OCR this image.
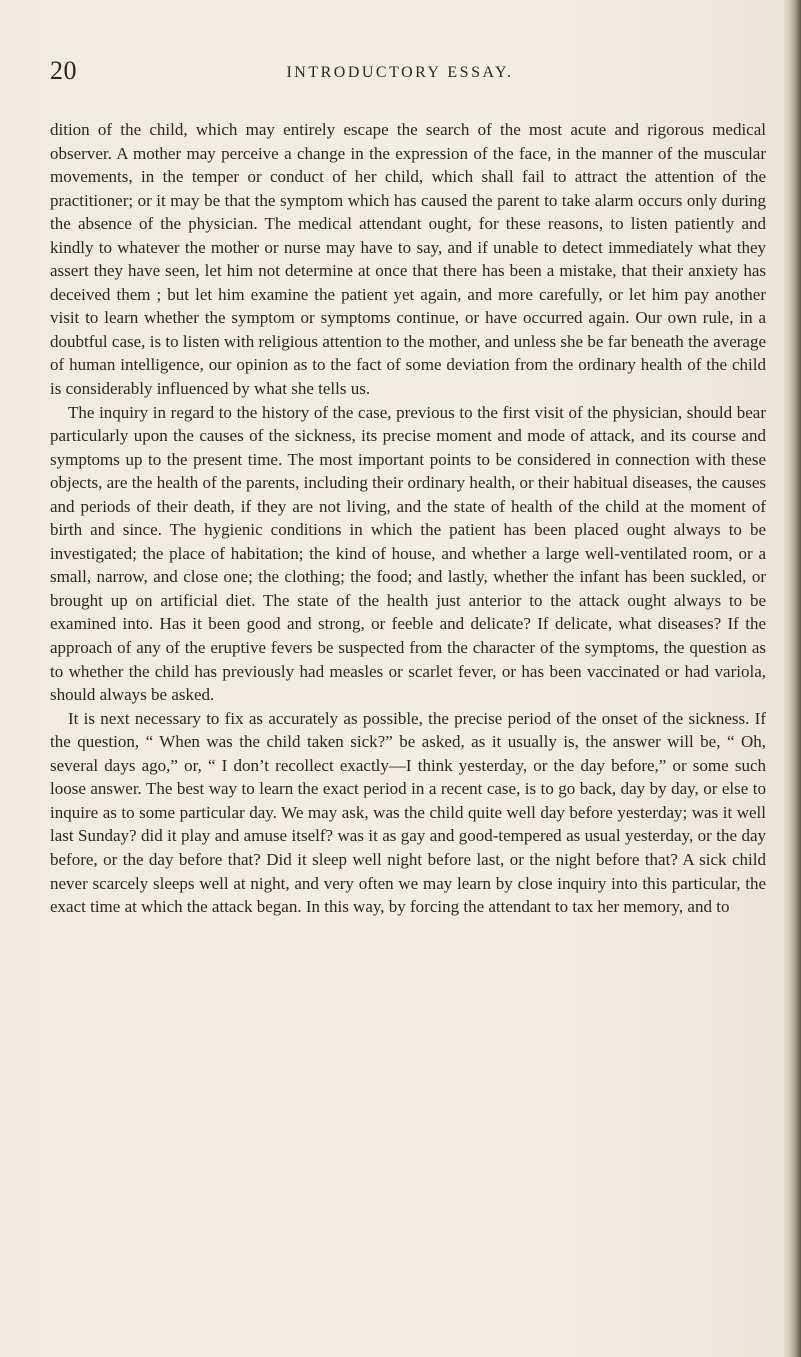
20	INTRODUCTORY ESSAY.

dition of the child, which may entirely escape the search of the most acute and rigorous medical observer. A mother may perceive a change in the expression of the face, in the manner of the muscular movements, in the temper or conduct of her child, which shall fail to attract the attention of the practitioner; or it may be that the symptom which has caused the parent to take alarm occurs only during the absence of the physician. The medical attendant ought, for these reasons, to listen patiently and kindly to whatever the mother or nurse may have to say, and if unable to detect immediately what they assert they have seen, let him not determine at once that there has been a mistake, that their anxiety has deceived them ; but let him examine the patient yet again, and more carefully, or let him pay another visit to learn whether the symptom or symptoms continue, or have occurred again. Our own rule, in a doubtful case, is to listen with religious attention to the mother, and unless she be far beneath the average of human intelligence, our opinion as to the fact of some deviation from the ordinary health of the child is considerably influenced by what she tells us.

The inquiry in regard to the history of the case, previous to the first visit of the physician, should bear particularly upon the causes of the sickness, its precise moment and mode of attack, and its course and symptoms up to the present time. The most important points to be considered in connection with these objects, are the health of the parents, including their ordinary health, or their habitual diseases, the causes and periods of their death, if they are not living, and the state of health of the child at the moment of birth and since. The hygienic conditions in which the patient has been placed ought always to be investigated; the place of habitation; the kind of house, and whether a large well-ventilated room, or a small, narrow, and close one; the clothing; the food; and lastly, whether the infant has been suckled, or brought up on artificial diet. The state of the health just anterior to the attack ought always to be examined into. Has it been good and strong, or feeble and delicate? If delicate, what diseases? If the approach of any of the eruptive fevers be suspected from the character of the symptoms, the question as to whether the child has previously had measles or scarlet fever, or has been vaccinated or had variola, should always be asked.

It is next necessary to fix as accurately as possible, the precise period of the onset of the sickness. If the question, “ When was the child taken sick?” be asked, as it usually is, the answer will be, “ Oh, several days ago,” or, “ I don’t recollect exactly—I think yesterday, or the day before,” or some such loose answer. The best way to learn the exact period in a recent case, is to go back, day by day, or else to inquire as to some particular day. We may ask, was the child quite well day before yesterday; was it well last Sunday? did it play and amuse itself? was it as gay and good-tempered as usual yesterday, or the day before, or the day before that? Did it sleep well night before last, or the night before that? A sick child never scarcely sleeps well at night, and very often we may learn by close inquiry into this particular, the exact time at which the attack began. In this way, by forcing the attendant to tax her memory, and to
